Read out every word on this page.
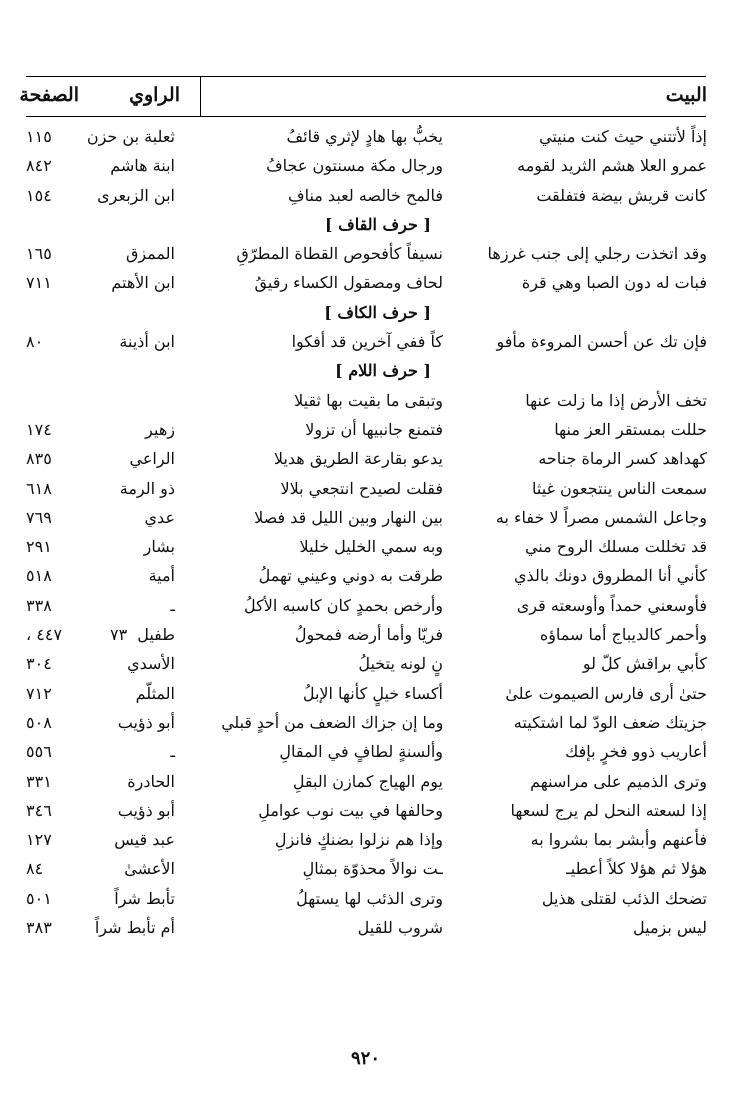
البيت
الراوي
الصفحة
إذاً لأتتني حيث كنت منيتي
يخبُّ بها هادٍ لإثري قائفُ
ثعلبة بن حزن
١١٥
عمرو العلا هشم الثريد لقومه
ورجال مكة مسنتون عجافُ
ابنة هاشم
٨٤٢
كانت قريش بيضة فتفلقت
فالمح خالصه لعبد منافِ
ابن الزبعرى
١٥٤
[ حرف القاف ]
وقد اتخذت رجلي إلى جنب غرزها
نسيفاً كأفحوص القطاة المطرّقِ
الممزق
١٦٥
فبات له دون الصبا وهي قرة
لحاف ومصقول الكساء رقيقُ
ابن الأهتم
٧١١
[ حرف الكاف ]
فإن تك عن أحسن المروءة مأفو
كاً ففي آخرين قد أفكوا
ابن أذينة
٨٠
[ حرف اللام ]
تخف الأرض إذا ما زلت عنها
وتبقى ما بقيت بها ثقيلا
حللت بمستقر العز منها
فتمنع جانبيها أن تزولا
زهير
١٧٤
كهداهد كسر الرماة جناحه
يدعو بقارعة الطريق هديلا
الراعي
٨٣٥
سمعت الناس ينتجعون غيثا
فقلت لصيدح انتجعي بلالا
ذو الرمة
٦١٨
وجاعل الشمس مصراً لا خفاء به
بين النهار وبين الليل قد فصلا
عدي
٧٦٩
قد تخللت مسلك الروح مني
وبه سمي الخليل خليلا
بشار
٢٩١
كأني أنا المطروق دونك بالذي
طرقت به دوني وعيني تهملُ
أمية
٥١٨
فأوسعني حمداً وأوسعته قرى
وأرخص بحمدٍ كان كاسبه الأكلُ
ـ
٣٣٨
وأحمر كالديباج أما سماؤه
فريّا وأما أرضه فمحولُ
طفيل
٤٤٧ ،	٧٣
كأبي براقش كلّ لو
نٍ لونه يتخيلُ
الأسدي
٣٠٤
حتىٰ أرى فارس الصيموت علىٰ
أكساء خيلٍ كأنها الإبلُ
المثلّم
٧١٢
جزيتك ضعف الودّ لما اشتكيته
وما إن جزاك الضعف من أحدٍ قبلي
أبو ذؤيب
٥٠٨
أعاريب ذوو فخرٍ بإفك
وألسنةٍ لطافٍ في المقالِ
ـ
٥٥٦
وترى الذميم على مراسنهم
يوم الهياج كمازن البقلِ
الحادرة
٣٣١
إذا لسعته النحل لم يرج لسعها
وحالفها في بيت نوب عواملِ
أبو ذؤيب
٣٤٦
فأعنهم وأبشر بما بشروا به
وإذا هم نزلوا بضنكٍ فانزلِ
عبد قيس
١٢٧
هؤلا ثم هؤلا كلاً أعطيـ
ـت نوالاً محذوّة بمثالِ
الأعشىٰ
٨٤
تضحك الذئب لقتلى هذيل
وترى الذئب لها يستهلُ
تأبط شراً
٥٠١
ليس بزميل
شروب للقيل
أم تأبط شراً
٣٨٣
٩٢٠
